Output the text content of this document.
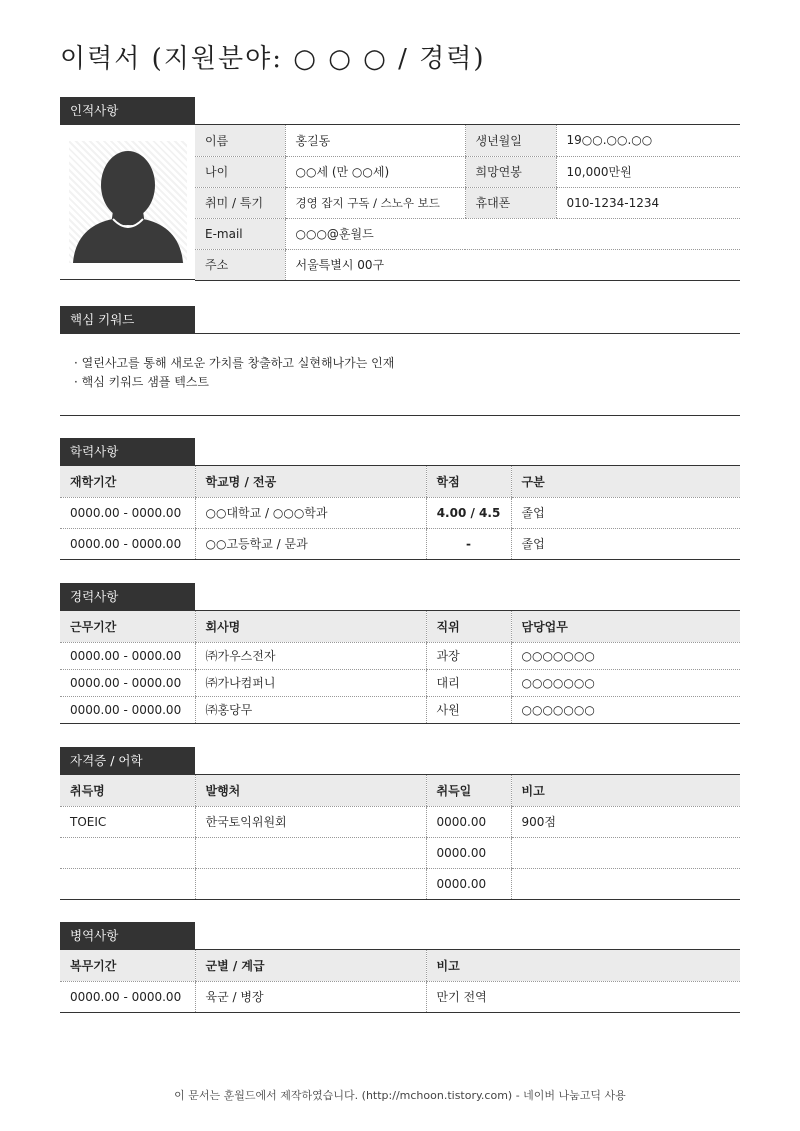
이력서 (지원분야: ○ ○ ○ / 경력)
인적사항
이름	홍길동	생년월일	19○○.○○.○○
나이	○○세 (만 ○○세)	희망연봉	10,000만원
취미 / 특기	경영 잡지 구독 / 스노우 보드	휴대폰	010-1234-1234
E-mail	○○○@훈월드		
주소	서울특별시 00구		
핵심 키워드
· 열린사고를 통해 새로운 가치를 창출하고 실현해나가는 인재
· 핵심 키워드 샘플 텍스트
학력사항
재학기간	학교명 / 전공	학점	구분
0000.00 - 0000.00	○○대학교 / ○○○학과	4.00 / 4.5	졸업
0000.00 - 0000.00	○○고등학교 / 문과	-	졸업
경력사항
근무기간	회사명	직위	담당업무
0000.00 - 0000.00	㈜가우스전자	과장	○○○○○○○
0000.00 - 0000.00	㈜가나컴퍼니	대리	○○○○○○○
0000.00 - 0000.00	㈜홍당무	사원	○○○○○○○
자격증 / 어학
취득명	발행처	취득일	비고
TOEIC	한국토익위원회	0000.00	900점
		0000.00	
		0000.00	
병역사항
복무기간	군별 / 계급	비고
0000.00 - 0000.00	육군 / 병장	만기 전역
이 문서는 훈월드에서 제작하였습니다. (http://mchoon.tistory.com) - 네이버 나눔고딕 사용
